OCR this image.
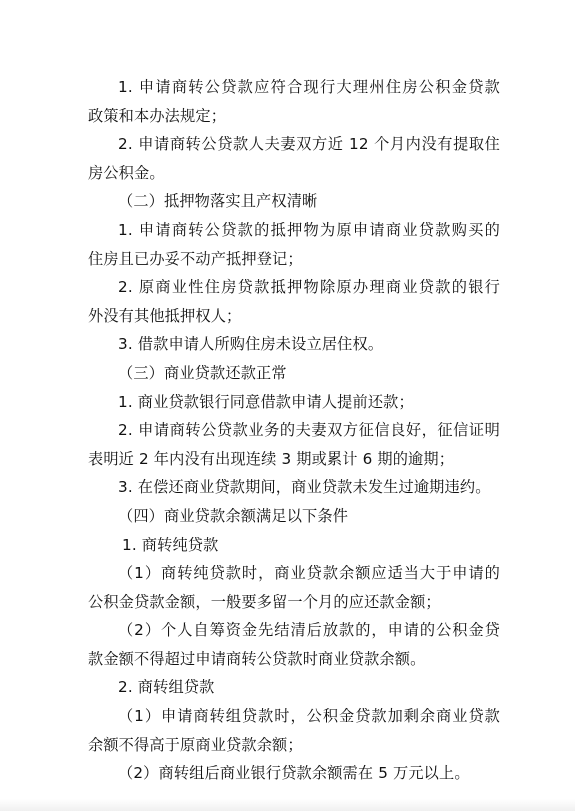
1. 申请商转公贷款应符合现行大理州住房公积金贷款
政策和本办法规定；
2. 申请商转公贷款人夫妻双方近 12 个月内没有提取住
房公积金。
（二）抵押物落实且产权清晰
1. 申请商转公贷款的抵押物为原申请商业贷款购买的
住房且已办妥不动产抵押登记；
2. 原商业性住房贷款抵押物除原办理商业贷款的银行
外没有其他抵押权人；
3. 借款申请人所购住房未设立居住权。
（三）商业贷款还款正常
1. 商业贷款银行同意借款申请人提前还款；
2. 申请商转公贷款业务的夫妻双方征信良好，征信证明
表明近 2 年内没有出现连续 3 期或累计 6 期的逾期；
3. 在偿还商业贷款期间，商业贷款未发生过逾期违约。
（四）商业贷款余额满足以下条件
1. 商转纯贷款
（1）商转纯贷款时，商业贷款余额应适当大于申请的
公积金贷款金额，一般要多留一个月的应还款金额；
（2）个人自筹资金先结清后放款的，申请的公积金贷
款金额不得超过申请商转公贷款时商业贷款余额。
2. 商转组贷款
（1）申请商转组贷款时，公积金贷款加剩余商业贷款
余额不得高于原商业贷款余额；
（2）商转组后商业银行贷款余额需在 5 万元以上。
